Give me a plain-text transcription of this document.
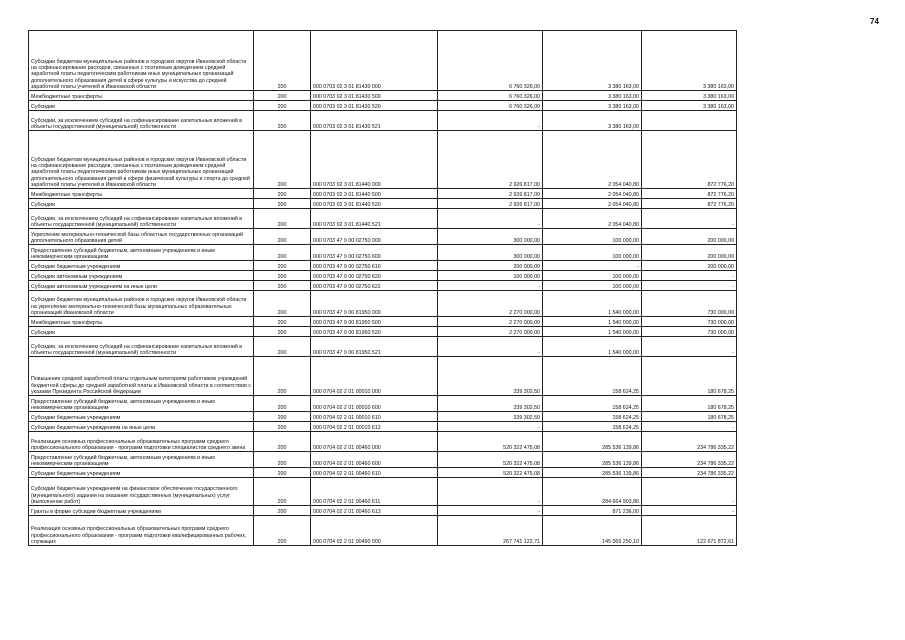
74
Субсидии бюджетам муниципальных районов и городских округов Ивановской области на софинансирование расходов, связанных с поэтапным доведением средней заработной платы педагогическим работникам иных муниципальных организаций дополнительного образования детей в сфере культуры и искусства до средней заработной платы учителей в Ивановской области	200	000 0703 02 3 01 81430 000	6 760 326,00	3 380 163,00	3 380 163,00
Межбюджетные трансферты	200	000 0703 02 3 01 81430 500	6 760 326,00	3 380 163,00	3 380 163,00
Субсидии	200	000 0703 02 3 01 81430 520	6 760 326,00	3 380 163,00	3 380 163,00
Субсидии, за исключением субсидий на софинансирование капитальных вложений в объекты государственной (муниципальной) собственности	200	000 0703 02 3 01 81430 521	-	3 380 163,00	
Субсидии бюджетам муниципальных районов и городских округов Ивановской области на софинансирование расходов, связанных с поэтапным доведением средней заработной платы педагогическим работникам иных муниципальных организаций дополнительного образования детей в сфере физической культуры и спорта до средней заработной платы учителей в Ивановской области	200	000 0703 02 3 01 81440 000	2 926 817,00	2 054 040,80	872 776,20
Межбюджетные трансферты	200	000 0703 02 3 01 81440 500	2 926 817,00	2 054 040,80	872 776,20
Субсидии	200	000 0703 02 3 01 81440 520	2 926 817,00	2 054 040,80	872 776,20
Субсидии, за исключением субсидий на софинансирование капитальных вложений в объекты государственной (муниципальной) собственности	200	000 0703 02 3 01 81440 521	-	2 054 040,80	-
Укрепление материально-технической базы областных государственных организаций дополнительного образования детей	200	000 0703 47 9 00 02750 000	300 000,00	100 000,00	200 000,00
Предоставление субсидий бюджетным, автономным учреждениям и иным некоммерческим организациям	200	000 0703 47 9 00 02750 600	300 000,00	100 000,00	200 000,00
Субсидии бюджетным учреждениям	200	000 0703 47 9 00 02750 610	200 000,00	-	200 000,00
Субсидии автономным учреждениям	200	000 0703 47 9 00 02750 620	100 000,00	100 000,00	-
Субсидии автономным учреждениям на иные цели	200	000 0703 47 9 00 02750 622	-	100 000,00	-
Субсидии бюджетам муниципальных районов и городских округов Ивановской области на укрепление материально-технической базы муниципальных образовательных организаций Ивановской области	200	000 0703 47 9 00 81950 000	2 270 000,00	1 540 000,00	730 000,00
Межбюджетные трансферты	200	000 0703 47 9 00 81950 500	2 270 000,00	1 540 000,00	730 000,00
Субсидии	200	000 0703 47 9 00 81950 520	2 270 000,00	1 540 000,00	730 000,00
Субсидии, за исключением субсидий на софинансирование капитальных вложений в объекты государственной (муниципальной) собственности	200	000 0703 47 9 00 81950 521	-	1 540 000,00	-
Повышение средней заработной платы отдельным категориям работников учреждений бюджетной сферы до средней заработной платы в Ивановской области в соответствии с указами Президента Российской Федерации	200	000 0704 02 2 01 00010 000	339 302,50	158 624,25	180 678,25
Предоставление субсидий бюджетным, автономным учреждениям и иным некоммерческим организациям	200	000 0704 02 2 01 00010 600	339 302,50	158 624,25	180 678,25
Субсидии бюджетным учреждениям	200	000 0704 02 2 01 00010 610	339 302,50	158 624,25	180 678,25
Субсидии бюджетным учреждениям на иные цели	200	000 0704 02 2 01 00010 612	-	158 624,25	-
Реализация основных профессиональных образовательных программ среднего профессионального образования - программ подготовки специалистов среднего звена	200	000 0704 02 2 01 00460 000	520 322 475,08	285 536 139,86	234 786 335,22
Предоставление субсидий бюджетным, автономным учреждениям и иным некоммерческим организациям	200	000 0704 02 2 01 00460 600	520 322 475,08	285 536 139,86	234 786 335,22
Субсидии бюджетным учреждениям	200	000 0704 02 2 01 00460 610	520 322 475,08	285 536 139,86	234 786 335,22
Субсидии бюджетным учреждениям на финансовое обеспечение государственного (муниципального) задания на оказание государственных (муниципальных) услуг (выполнение работ)	200	000 0704 02 2 01 00460 611	-	284 664 903,86	-
Гранты в форме субсидии бюджетным учреждениям	200	000 0704 02 2 01 00460 613	-	871 236,00	-
Реализация основных профессиональных образовательных программ среднего профессионального образования - программ подготовки квалифицированных рабочих, служащих	200	000 0704 02 2 01 00490 000	267 741 122,71	145 069 250,10	122 671 872,61
